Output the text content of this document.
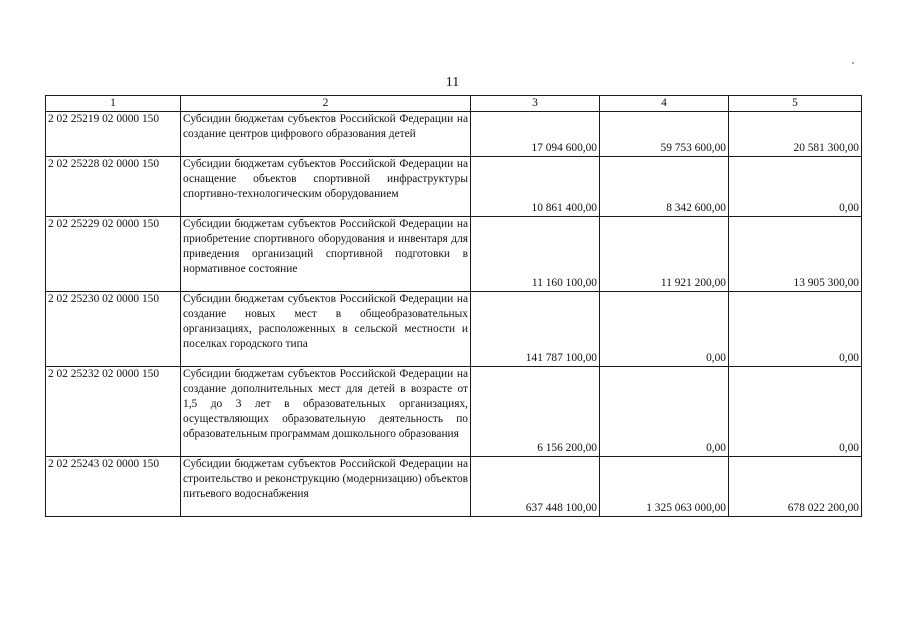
11
1	2	3	4	5
2 02 25219 02 0000 150	Субсидии бюджетам субъектов Российской Федерации на создание центров цифрового образования детей	17 094 600,00	59 753 600,00	20 581 300,00
2 02 25228 02 0000 150	Субсидии бюджетам субъектов Российской Федерации на оснащение объектов спортивной инфраструктуры спортивно-технологическим оборудованием	10 861 400,00	8 342 600,00	0,00
2 02 25229 02 0000 150	Субсидии бюджетам субъектов Российской Федерации на приобретение спортивного оборудования и инвентаря для приведения организаций спортивной подготовки в нормативное состояние	11 160 100,00	11 921 200,00	13 905 300,00
2 02 25230 02 0000 150	Субсидии бюджетам субъектов Российской Федерации на создание новых мест в общеобразовательных организациях, расположенных в сельской местности и поселках городского типа	141 787 100,00	0,00	0,00
2 02 25232 02 0000 150	Субсидии бюджетам субъектов Российской Федерации на создание дополнительных мест для детей в возрасте от 1,5 до 3 лет в образовательных организациях, осуществляющих образовательную деятельность по образовательным программам дошкольного образования	6 156 200,00	0,00	0,00
2 02 25243 02 0000 150	Субсидии бюджетам субъектов Российской Федерации на строительство и реконструкцию (модернизацию) объектов питьевого водоснабжения	637 448 100,00	1 325 063 000,00	678 022 200,00
